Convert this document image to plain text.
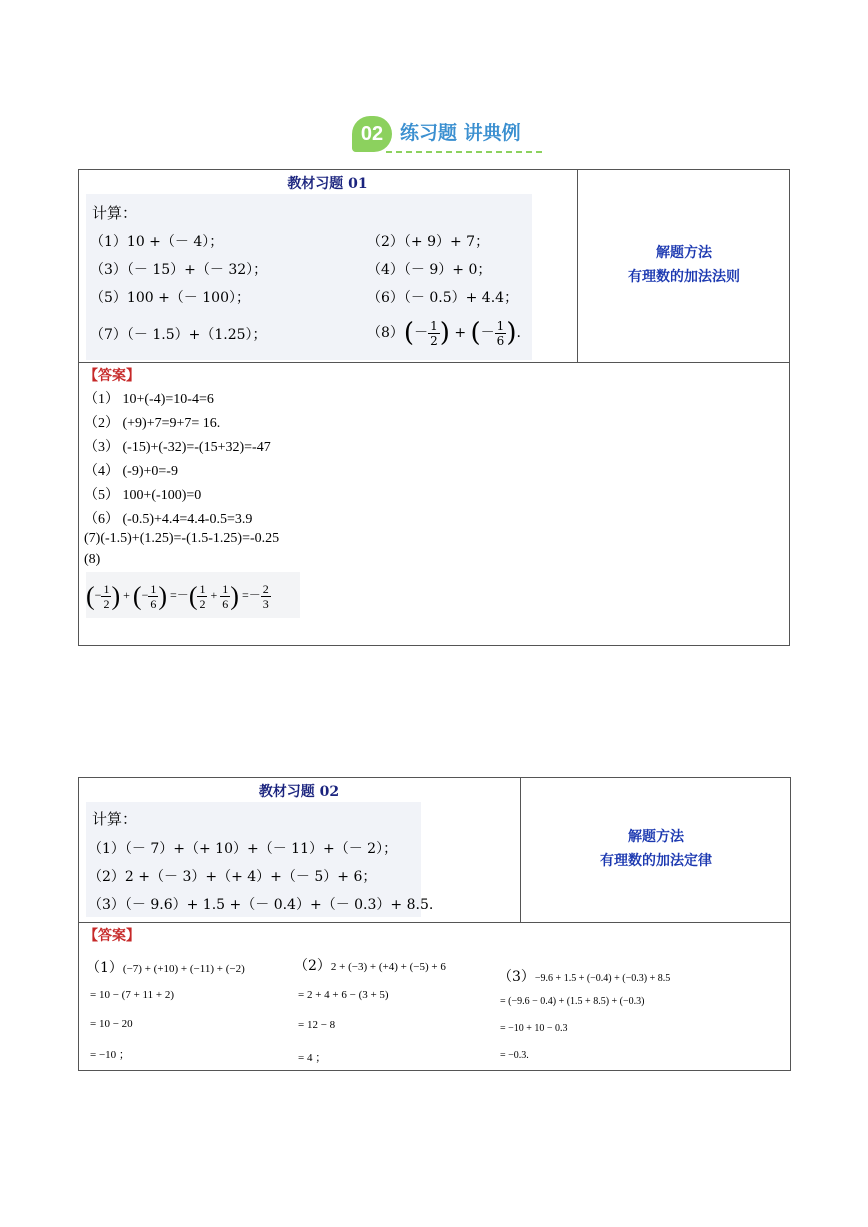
02 练习题 讲典例
教材习题 01
计算：
（1）10 +（－ 4）；	（2）（+ 9）+ 7；
（3）（－ 15）+（－ 32）；	（4）（－ 9）+ 0；
（5）100 +（－ 100）；	（6）（－ 0.5）+ 4.4；
（7）（－ 1.5）+（1.25）；	$(8)(- \frac{1}{2}$ ) + (－ $\frac{1}{6}$ ).
解题方法
有理数的加法法则
【答案】
（1） 10+(-4)=10-4=6
（2） (+9)+7=9+7= 16.
（3） (-15)+(-32)=-(15+32)=-47
（4） (-9)+0=-9
（5） 100+(-100)=0
（6） (-0.5)+4.4=4.4-0.5=3.9
(7)(-1.5)+(1.25)=-(1.5-1.25)=-0.25
(8)
(− $\frac{1}{2}$ ) + (− $\frac{1}{6}$ ) =－( $\frac{1}{2} + \frac{1}{6}$ ) =－ $\frac{2}{3}$
教材习题 02
计算：
（1）（－ 7）+（+ 10）+（－ 11）+（－ 2）；
（2）2 +（－ 3）+（+ 4）+（－ 5）+ 6；
（3）（－ 9.6）+ 1.5 +（－ 0.4）+（－ 0.3）+ 8.5.
解题方法
有理数的加法定律
【答案】
（1）(−7) + (+10) + (−11) + (−2)
= 10 − (7 + 11 + 2)
= 10 − 20
= −10 ；
（2）2 + (−3) + (+4) + (−5) + 6
= 2 + 4 + 6 − (3 + 5)
= 12 − 8
= 4 ；
（3）−9.6 + 1.5 + (−0.4) + (−0.3) + 8.5
= (−9.6 − 0.4) + (1.5 + 8.5) + (−0.3)
= −10 + 10 − 0.3
= −0.3.
